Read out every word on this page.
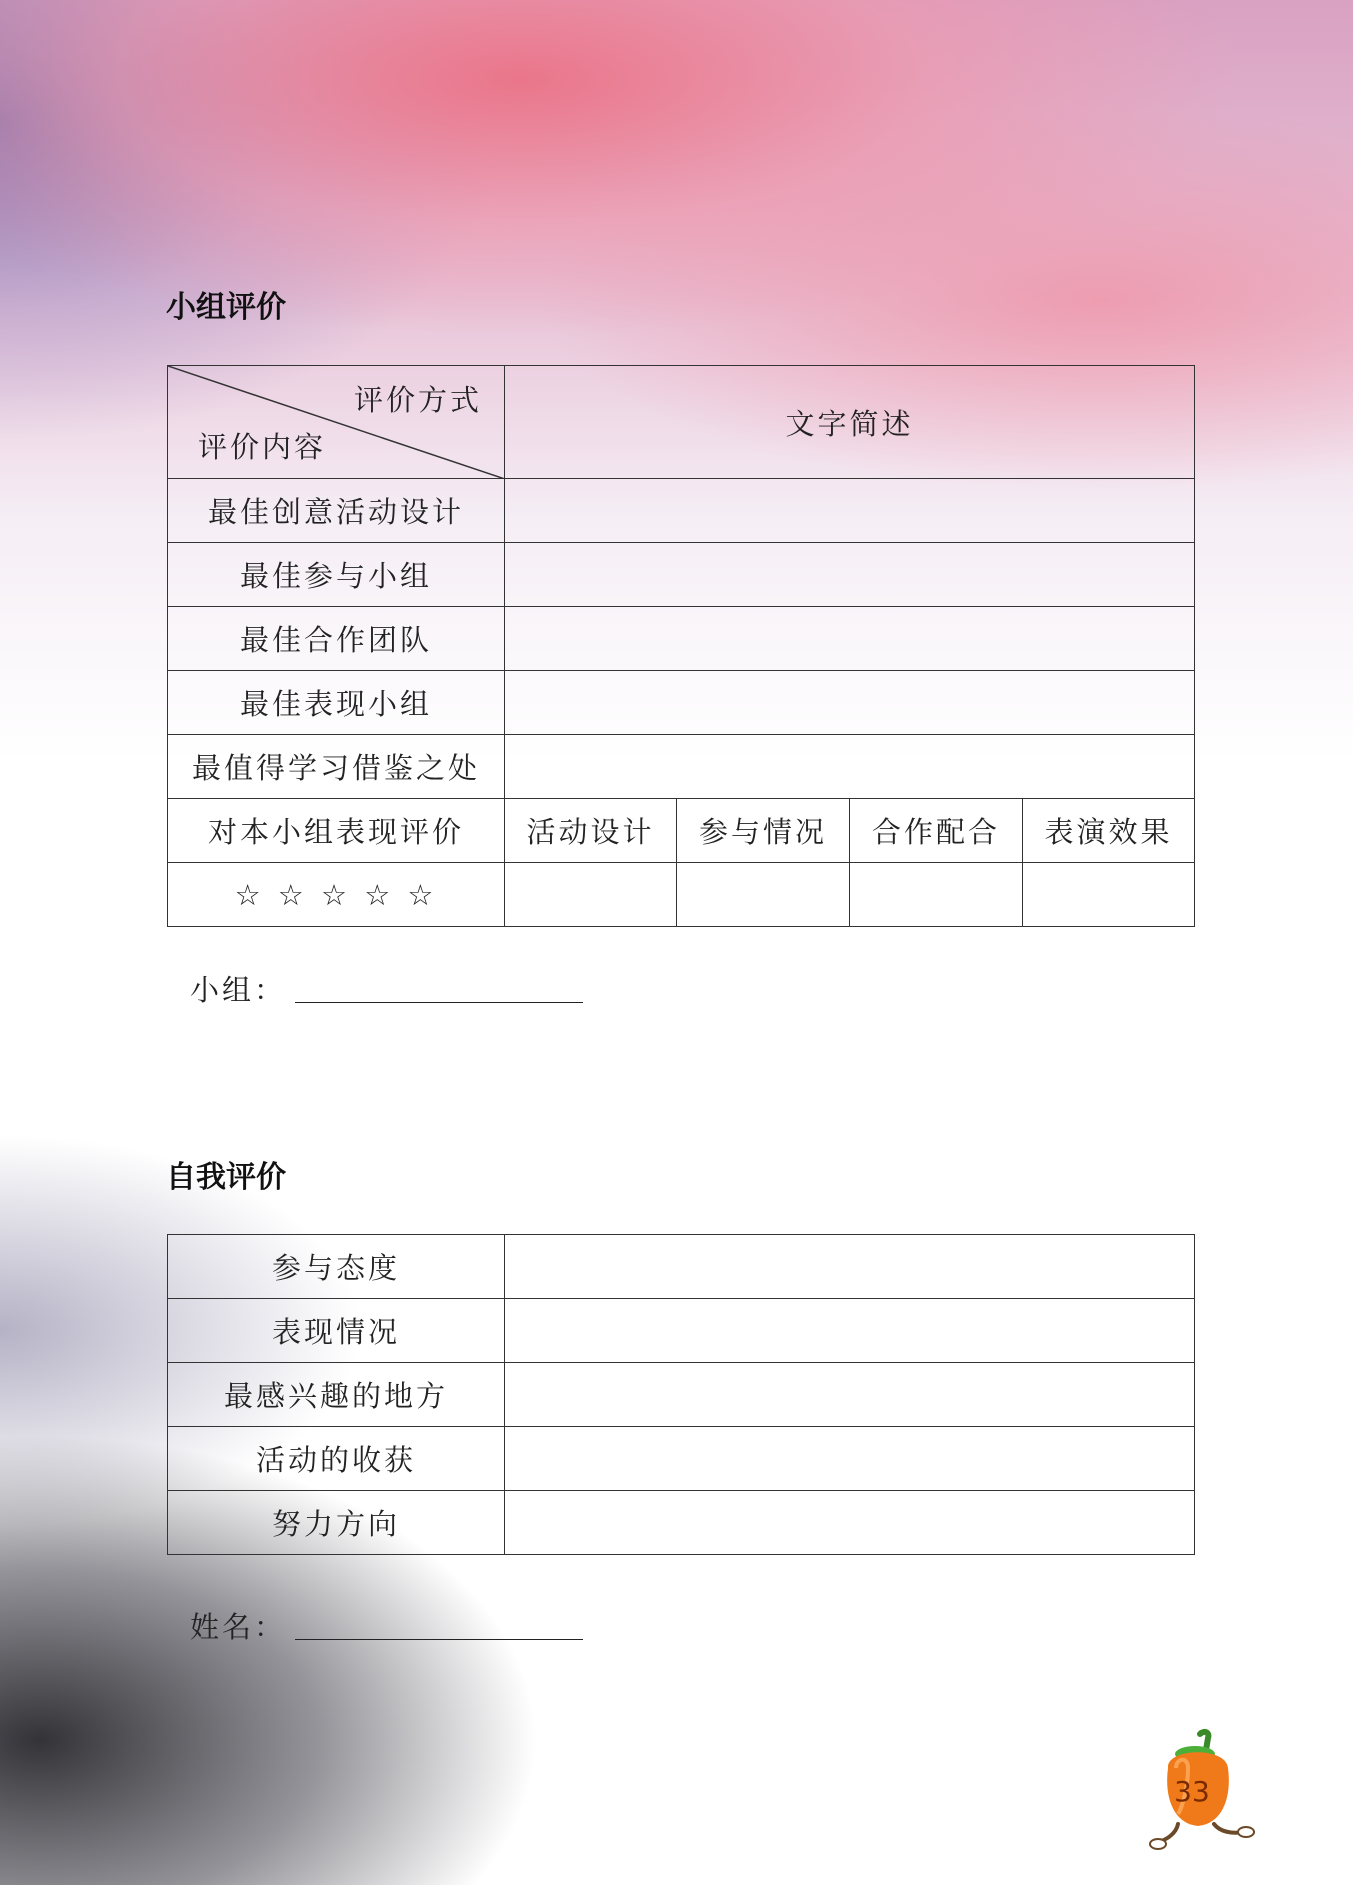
小组评价
评价方式
评价内容	文字简述			
最佳创意活动设计				
最佳参与小组				
最佳合作团队				
最佳表现小组				
最值得学习借鉴之处				
对本小组表现评价	活动设计	参与情况	合作配合	表演效果
☆ ☆ ☆ ☆ ☆				
小组：
自我评价
参与态度	
表现情况	
最感兴趣的地方	
活动的收获	
努力方向	
姓名：
33
